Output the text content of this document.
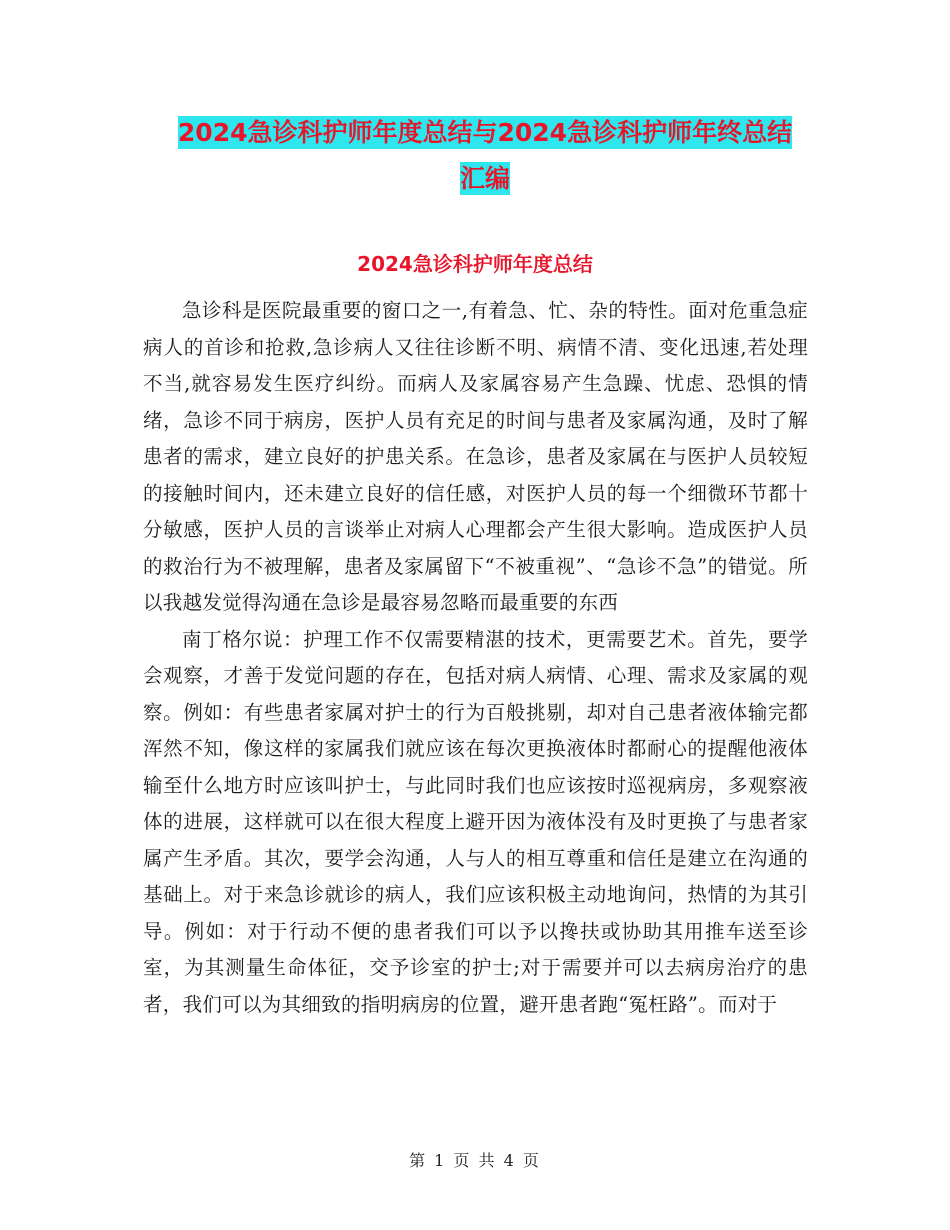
2024急诊科护师年度总结与2024急诊科护师年终总结
汇编
2024急诊科护师年度总结

急诊科是医院最重要的窗口之一,有着急、忙、杂的特性。面对危重急症病人的首诊和抢救,急诊病人又往往诊断不明、病情不清、变化迅速,若处理不当,就容易发生医疗纠纷。而病人及家属容易产生急躁、忧虑、恐惧的情绪，急诊不同于病房，医护人员有充足的时间与患者及家属沟通，及时了解患者的需求，建立良好的护患关系。在急诊，患者及家属在与医护人员较短的接触时间内，还未建立良好的信任感，对医护人员的每一个细微环节都十分敏感，医护人员的言谈举止对病人心理都会产生很大影响。造成医护人员的救治行为不被理解，患者及家属留下“不被重视”、“急诊不急”的错觉。所以我越发觉得沟通在急诊是最容易忽略而最重要的东西

南丁格尔说：护理工作不仅需要精湛的技术，更需要艺术。首先，要学会观察，才善于发觉问题的存在，包括对病人病情、心理、需求及家属的观察。例如：有些患者家属对护士的行为百般挑剔，却对自己患者液体输完都浑然不知，像这样的家属我们就应该在每次更换液体时都耐心的提醒他液体输至什么地方时应该叫护士，与此同时我们也应该按时巡视病房，多观察液体的进展，这样就可以在很大程度上避开因为液体没有及时更换了与患者家属产生矛盾。其次，要学会沟通，人与人的相互尊重和信任是建立在沟通的基础上。对于来急诊就诊的病人，我们应该积极主动地询问，热情的为其引导。例如：对于行动不便的患者我们可以予以搀扶或协助其用推车送至诊室，为其测量生命体征，交予诊室的护士;对于需要并可以去病房治疗的患者，我们可以为其细致的指明病房的位置，避开患者跑“冤枉路”。而对于

第 1 页 共 4 页
